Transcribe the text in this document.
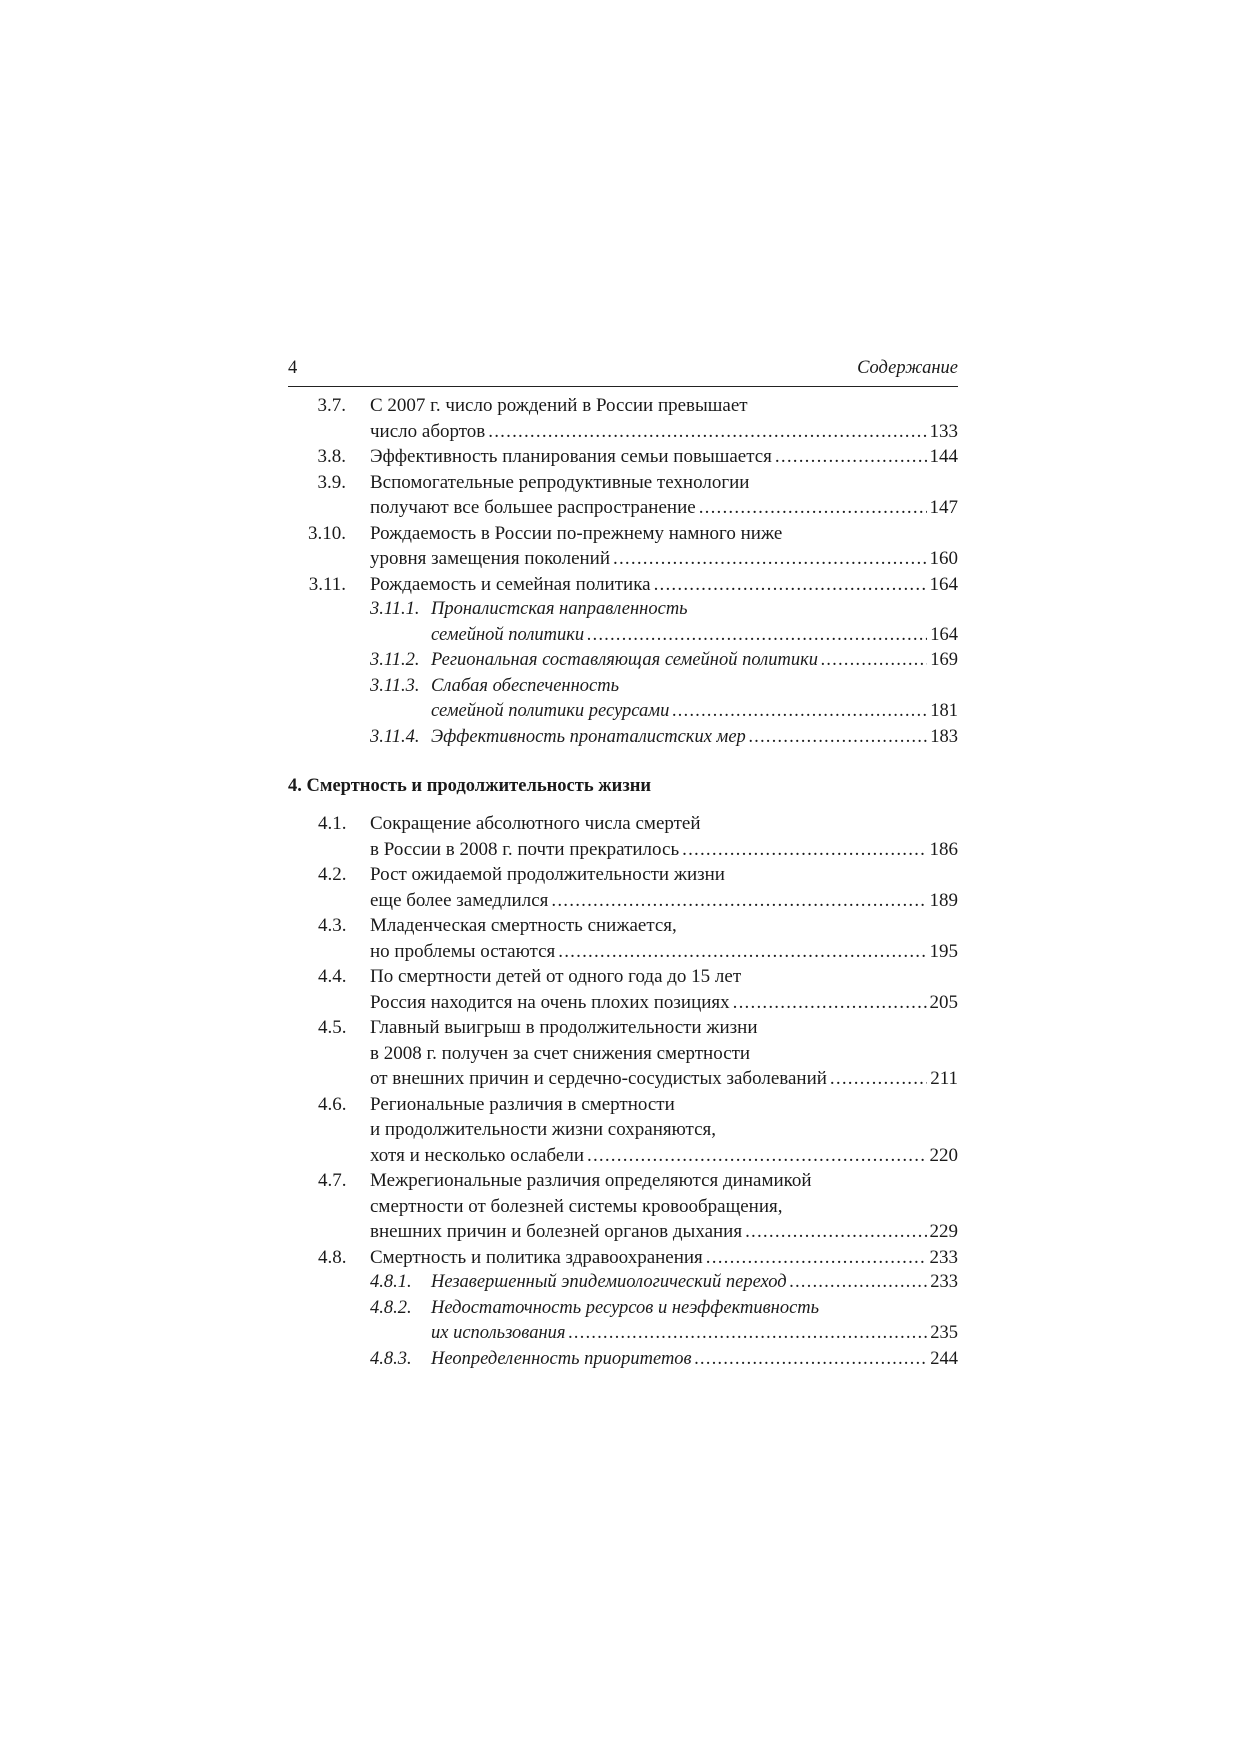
4	Содержание
3.7. С 2007 г. число рождений в России превышает
число абортов .....	133
3.8. Эффективность планирования семьи повышается .....	144
3.9. Вспомогательные репродуктивные технологии
получают все большее распространение .....	147
3.10. Рождаемость в России по-прежнему намного ниже
уровня замещения поколений .....	160
3.11. Рождаемость и семейная политика .....	164
3.11.1. Проналистская направленность
семейной политики .....	164
3.11.2. Региональная составляющая семейной политики .....	169
3.11.3. Слабая обеспеченность
семейной политики ресурсами .....	181
3.11.4. Эффективность пронаталистских мер .....	183
4. Смертность и продолжительность жизни
4.1.	Сокращение абсолютного числа смертей
в России в 2008 г. почти прекратилось .....	186
4.2.	Рост ожидаемой продолжительности жизни
еще более замедлился .....	189
4.3.	Младенческая смертность снижается,
но проблемы остаются .....	195
4.4.	По смертности детей от одного года до 15 лет
Россия находится на очень плохих позициях .....	205
4.5.	Главный выигрыш в продолжительности жизни
в 2008 г. получен за счет снижения смертности
от внешних причин и сердечно-сосудистых заболеваний .....	211
4.6.	Региональные различия в смертности
и продолжительности жизни сохраняются,
хотя и несколько ослабели .....	220
4.7.	Межрегиональные различия определяются динамикой
смертности от болезней системы кровообращения,
внешних причин и болезней органов дыхания .....	229
4.8.	Смертность и политика здравоохранения .....	233
4.8.1. Незавершенный эпидемиологический переход .....	233
4.8.2. Недостаточность ресурсов и неэффективность
их использования .....	235
4.8.3. Неопределенность приоритетов .....	244
